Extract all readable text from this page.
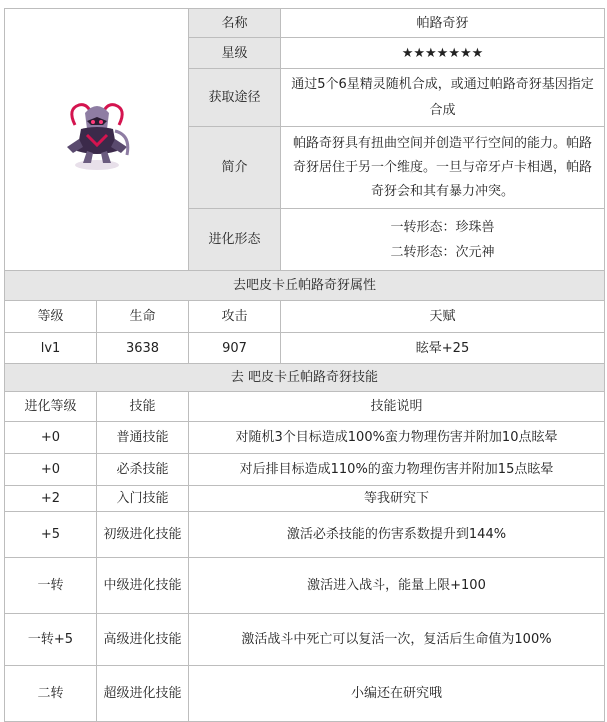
	名称	帕路奇犽
		星级	★★★★★★★
		获取途径	通过5个6星精灵随机合成，或通过帕路奇犽基因指定合成
		简介	帕路奇犽具有扭曲空间并创造平行空间的能力。帕路奇犽居住于另一个维度。一旦与帝牙卢卡相遇，帕路奇犽会和其有暴力冲突。
		进化形态	一转形态：珍珠兽
二转形态：次元神

去吧皮卡丘帕路奇犽属性			
等级	生命	攻击	天赋
lv1	3638	907	眩晕+25
去 吧皮卡丘帕路奇犽技能			
进化等级	技能	技能说明	
+0	普通技能	对随机3个目标造成100%蛮力物理伤害并附加10点眩晕	
+0	必杀技能	对后排目标造成110%的蛮力物理伤害并附加15点眩晕	
+2	入门技能	等我研究下	
+5	初级进化技能	激活必杀技能的伤害系数提升到144%	
一转	中级进化技能	激活进入战斗，能量上限+100	
一转+5	高级进化技能	激活战斗中死亡可以复活一次，复活后生命值为100%	
二转	超级进化技能	小编还在研究哦	
